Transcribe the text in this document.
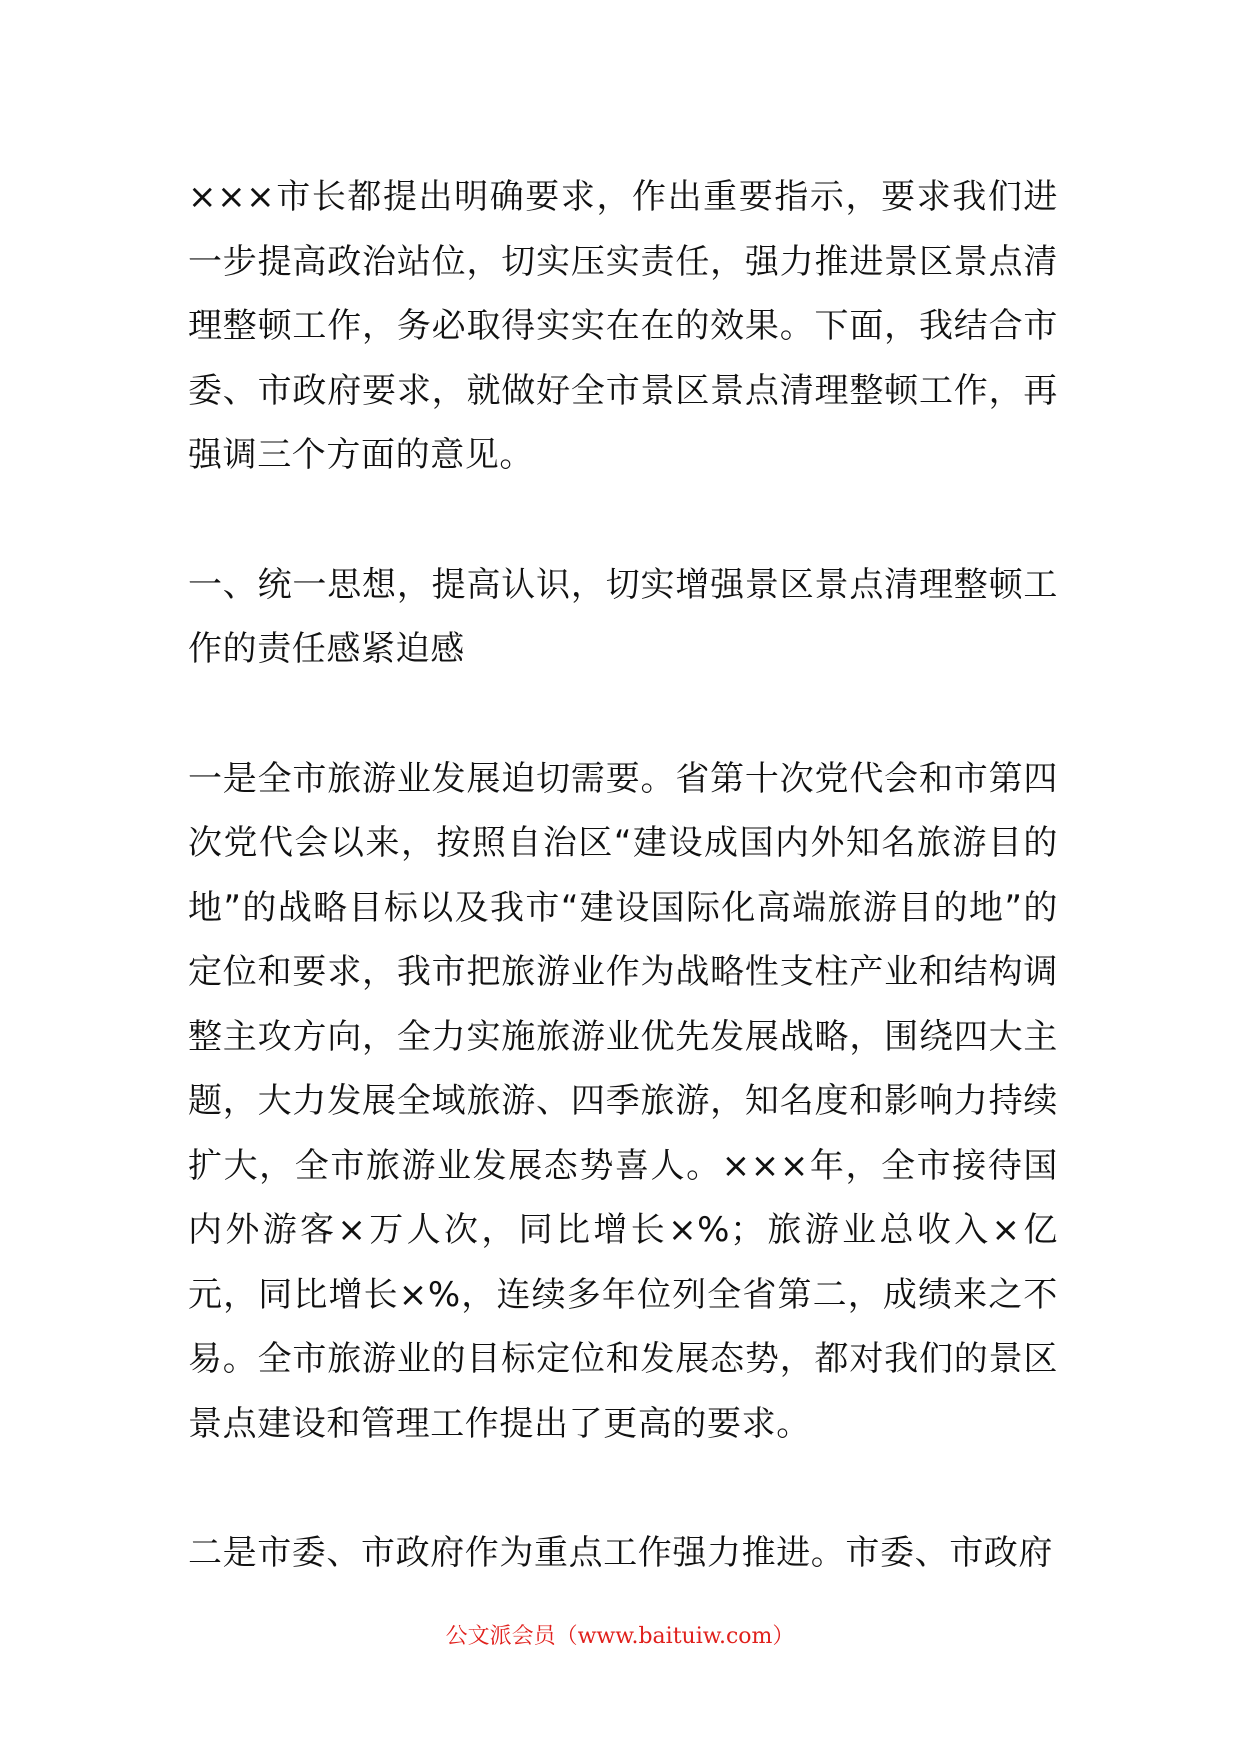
×××市长都提出明确要求，作出重要指示，要求我们进一步提高政治站位，切实压实责任，强力推进景区景点清理整顿工作，务必取得实实在在的效果。下面，我结合市委、市政府要求，就做好全市景区景点清理整顿工作，再强调三个方面的意见。

一、统一思想，提高认识，切实增强景区景点清理整顿工作的责任感紧迫感

一是全市旅游业发展迫切需要。省第十次党代会和市第四次党代会以来，按照自治区“建设成国内外知名旅游目的地”的战略目标以及我市“建设国际化高端旅游目的地”的定位和要求，我市把旅游业作为战略性支柱产业和结构调整主攻方向，全力实施旅游业优先发展战略，围绕四大主题，大力发展全域旅游、四季旅游，知名度和影响力持续扩大，全市旅游业发展态势喜人。×××年，全市接待国内外游客×万人次，同比增长×%；旅游业总收入×亿元，同比增长×%，连续多年位列全省第二，成绩来之不易。全市旅游业的目标定位和发展态势，都对我们的景区景点建设和管理工作提出了更高的要求。

二是市委、市政府作为重点工作强力推进。市委、市政府

公文派会员（www.baituiw.com）
